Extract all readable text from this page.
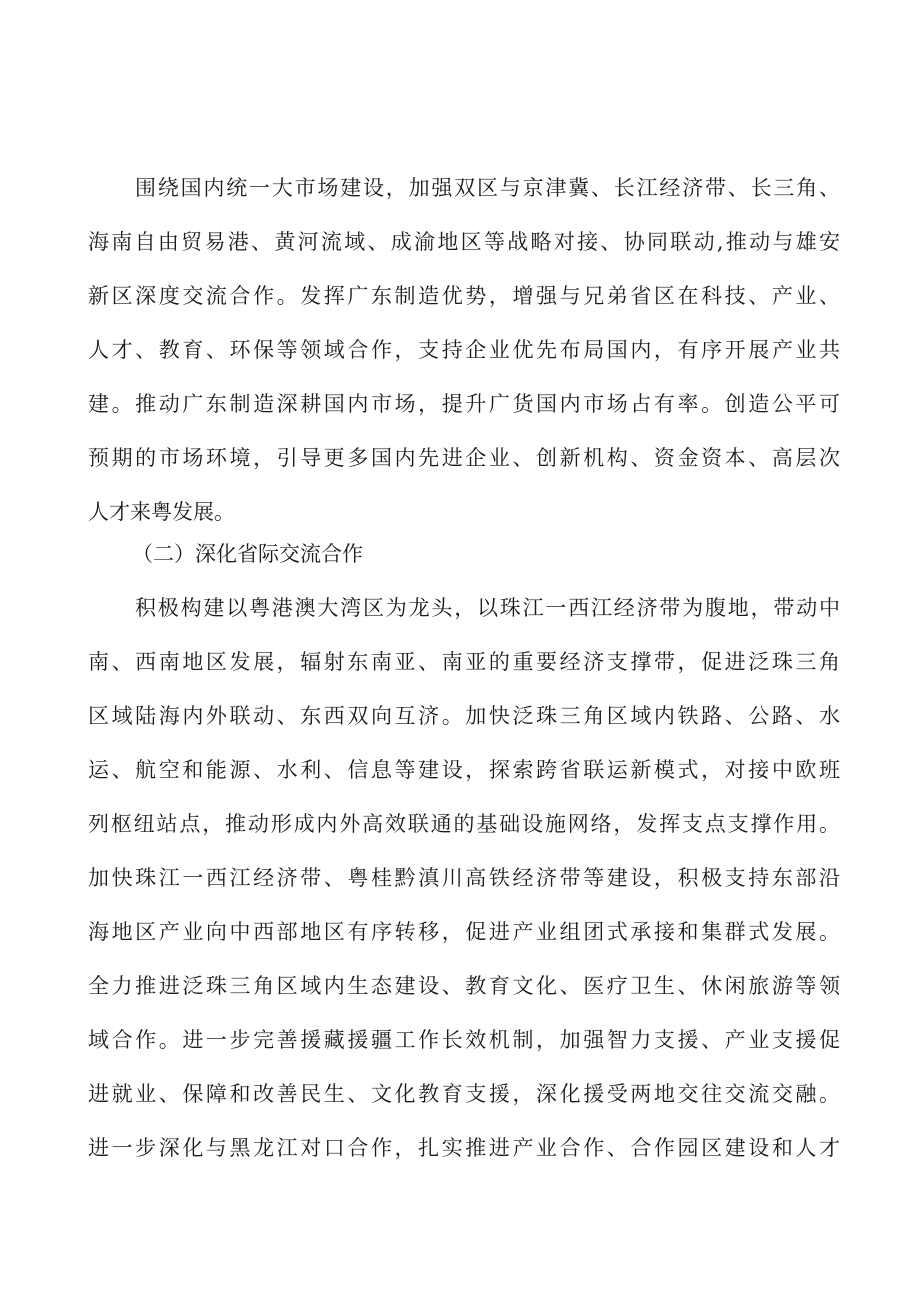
围绕国内统一大市场建设，加强双区与京津冀、长江经济带、长三角、
海南自由贸易港、黄河流域、成渝地区等战略对接、协同联动,推动与雄安
新区深度交流合作。发挥广东制造优势，增强与兄弟省区在科技、产业、
人才、教育、环保等领域合作，支持企业优先布局国内，有序开展产业共
建。推动广东制造深耕国内市场，提升广货国内市场占有率。创造公平可
预期的市场环境，引导更多国内先进企业、创新机构、资金资本、高层次
人才来粤发展。
（二）深化省际交流合作
积极构建以粤港澳大湾区为龙头，以珠江一西江经济带为腹地，带动中
南、西南地区发展，辐射东南亚、南亚的重要经济支撑带，促进泛珠三角
区域陆海内外联动、东西双向互济。加快泛珠三角区域内铁路、公路、水
运、航空和能源、水利、信息等建设，探索跨省联运新模式，对接中欧班
列枢纽站点，推动形成内外高效联通的基础设施网络，发挥支点支撑作用。
加快珠江一西江经济带、粤桂黔滇川高铁经济带等建设，积极支持东部沿
海地区产业向中西部地区有序转移，促进产业组团式承接和集群式发展。
全力推进泛珠三角区域内生态建设、教育文化、医疗卫生、休闲旅游等领
域合作。进一步完善援藏援疆工作长效机制，加强智力支援、产业支援促
进就业、保障和改善民生、文化教育支援，深化援受两地交往交流交融。
进一步深化与黑龙江对口合作，扎实推进产业合作、合作园区建设和人才
